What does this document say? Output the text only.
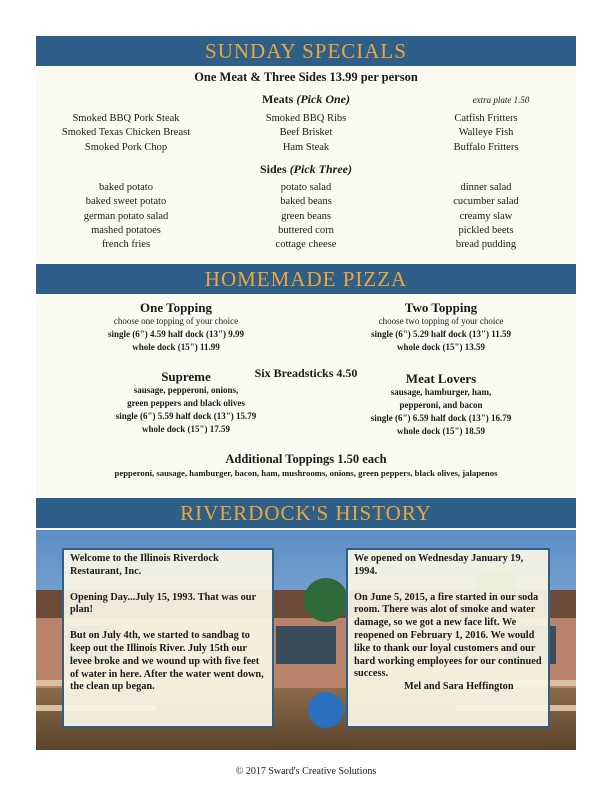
SUNDAY SPECIALS
One Meat & Three Sides 13.99 per person
Meats (Pick One)	extra plate 1.50
Smoked BBQ Pork Steak
Smoked Texas Chicken Breast
Smoked Pork Chop
Smoked BBQ Ribs
Beef Brisket
Ham Steak
Catfish Fritters
Walleye Fish
Buffalo Fritters
Sides (Pick Three)
baked potato
baked sweet potato
german potato salad
mashed potatoes
french fries
potato salad
baked beans
green beans
buttered corn
cottage cheese
dinner salad
cucumber salad
creamy slaw
pickled beets
bread pudding
HOMEMADE PIZZA
One Topping
choose one topping of your choice
single (6") 4.59 half dock (13") 9.99
whole dock (15") 11.99
Two Topping
choose two topping of your choice
single (6") 5.29 half dock (13") 11.59
whole dock (15") 13.59
Six Breadsticks 4.50
Supreme
sausage, pepperoni, onions,
green peppers and black olives
single (6") 5.59 half dock (13") 15.79
whole dock (15") 17.59
Meat Lovers
sausage, hamburger, ham,
pepperoni, and bacon
single (6") 6.59 half dock (13") 16.79
whole dock (15") 18.59
Additional Toppings 1.50 each
pepperoni, sausage, hamburger, bacon, ham, mushrooms, onions, green peppers, black olives, jalapenos
RIVERDOCK'S HISTORY

Welcome to the Illinois Riverdock Restaurant, Inc.

Opening Day...July 15, 1993. That was our plan!

But on July 4th, we started to sandbag to keep out the Illinois River. July 15th our levee broke and we wound up with five feet of water in here. After the water went down, the clean up began.

We opened on Wednesday January 19, 1994.

On June 5, 2015, a fire started in our soda room. There was alot of smoke and water damage, so we got a new face lift. We reopened on February 1, 2016. We would like to thank our loyal customers and our hard working employees for our continued success.

Mel and Sara Heffington
© 2017 Sward's Creative Solutions
